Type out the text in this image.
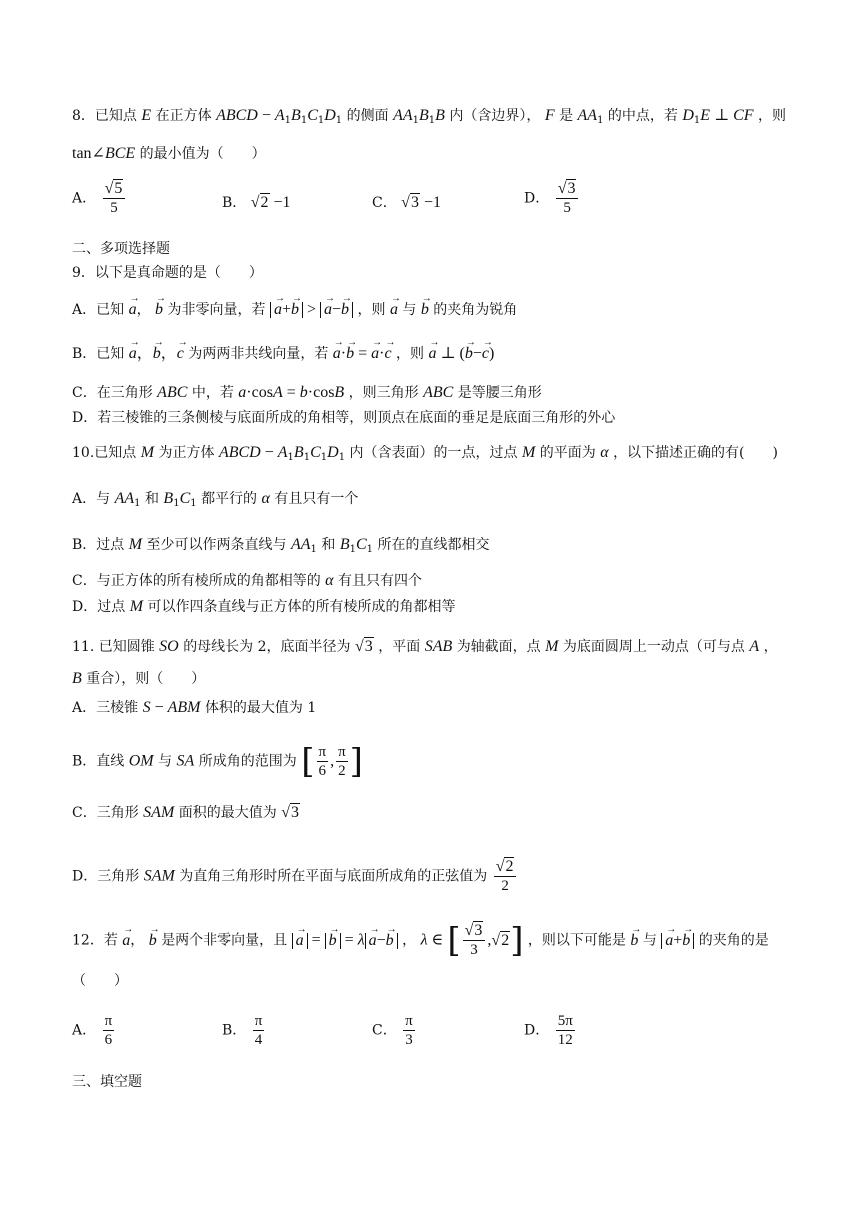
8．已知点 E 在正方体 ABCD − $A_1B_1C_1D_1$ 的侧面 $AA_1B_1B$ 内（含边界）， F 是 $AA_1$ 的中点，若 $D_1E$ ⊥ CF ，则
tan∠BCE 的最小值为（　　）
A． $\frac{√5}{5}$	B． √2 −1	C． √3 −1	D． $\frac{√3}{5}$
二、多项选择题
9．以下是真命题的是（　　）
A．已知 → a， → b 为非零向量，若 → a+→ b > → a−→ b ，则 → a 与 → b 的夹角为锐角
B．已知 → a，→ b，→ c 为两两非共线向量，若 → a·→ b = → a·→ c ，则 → a ⊥ (→ b−→ c)
C．在三角形 ABC 中，若 a·cosA = b·cosB ，则三角形 ABC 是等腰三角形
D．若三棱锥的三条侧棱与底面所成的角相等，则顶点在底面的垂足是底面三角形的外心
10.已知点 M 为正方体 ABCD − $A_1B_1C_1D_1$ 内（含表面）的一点，过点 M 的平面为 α ，以下描述正确的有(　　)
A．与 $AA_1$ 和 $B_1C_1$ 都平行的 α 有且只有一个
B．过点 M 至少可以作两条直线与 $AA_1$ 和 $B_1C_1$ 所在的直线都相交
C．与正方体的所有棱所成的角都相等的 α 有且只有四个
D．过点 M 可以作四条直线与正方体的所有棱所成的角都相等
11. 已知圆锥 SO 的母线长为 2，底面半径为 √3 ，平面 SAB 为轴截面，点 M 为底面圆周上一动点（可与点 A ，
B 重合），则（　　）
A．三棱锥 S − ABM 体积的最大值为 1
B．直线 OM 与 SA 所成角的范围为 [ $\frac{\pi}{6}$ , $\frac{\pi}{2}$ ]
C．三角形 SAM 面积的最大值为 √3
D．三角形 SAM 为直角三角形时所在平面与底面所成角的正弦值为 $\frac{√2}{2}$
12．若 → a， → b 是两个非零向量，且 → a = → b = λ → a−→ b ， λ ∈ [ $\frac{√3}{3} ,√2$] ，则以下可能是 → b 与 → a+→ b 的夹角的是
（　　）
A． $\frac{\pi}{6}$	B． $\frac{\pi}{4}$	C． $\frac{\pi}{3}$	D． $\frac{5\pi}{12}$
三、填空题
